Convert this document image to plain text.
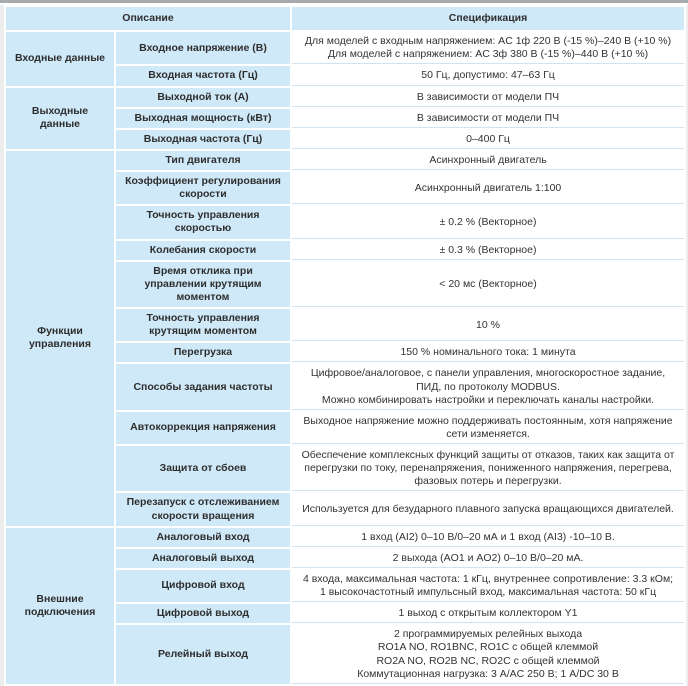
Описание		Спецификация
Входные данные	Входное напряжение (В)	Для моделей с входным напряжением: AC 1ф 220 В (-15 %)–240 В (+10 %)
Для моделей с напряжением: AC 3ф 380 В (-15 %)–440 В (+10 %)

	Входная частота (Гц)	50 Гц, допустимо: 47–63 Гц

Выходные данные	Выходной ток (А)	В зависимости от модели ПЧ

	Выходная мощность (кВт)	В зависимости от модели ПЧ

	Выходная частота (Гц)	0–400 Гц

Функции управления	Тип двигателя	Асинхронный двигатель

	Коэффициент регулирования скорости	Асинхронный двигатель 1:100

	Точность управления скоростью	± 0.2 % (Векторное)

	Колебания скорости	± 0.3 % (Векторное)

	Время отклика при управлении крутящим моментом	< 20 мс (Векторное)

	Точность управления крутящим моментом	10 %

	Перегрузка	150 % номинального тока: 1 минута

	Способы задания частоты	Цифровое/аналоговое, с панели управления, многоскоростное задание, ПИД, по протоколу MODBUS.
Можно комбинировать настройки и переключать каналы настройки.

	Автокоррекция напряжения	Выходное напряжение можно поддерживать постоянным, хотя напряжение сети изменяется.

	Защита от сбоев	Обеспечение комплексных функций защиты от отказов, таких как защита от перегрузки по току, перенапряжения, пониженного напряжения, перегрева, фазовых потерь и перегрузки.

	Перезапуск с отслеживанием скорости вращения	Используется для безударного плавного запуска вращающихся двигателей.

Внешние подключения	Аналоговый вход	1 вход (AI2) 0–10 В/0–20 мА и 1 вход (AI3) -10–10 В.

	Аналоговый выход	2 выхода (AO1 и AO2) 0–10 В/0–20 мА.

	Цифровой вход	4 входа, максимальная частота: 1 кГц, внутреннее сопротивление: 3.3 кОм;
1 высокочастотный импульсный вход, максимальная частота: 50 кГц

	Цифровой выход	1 выход с открытым коллектором Y1

	Релейный выход	2 программируемых релейных выхода
RO1A NO, RO1BNC, RO1C с общей клеммой
RO2A NO, RO2B NC, RO2C с общей клеммой
Коммутационная нагрузка: 3 A/AC 250 В; 1 A/DC 30 В
